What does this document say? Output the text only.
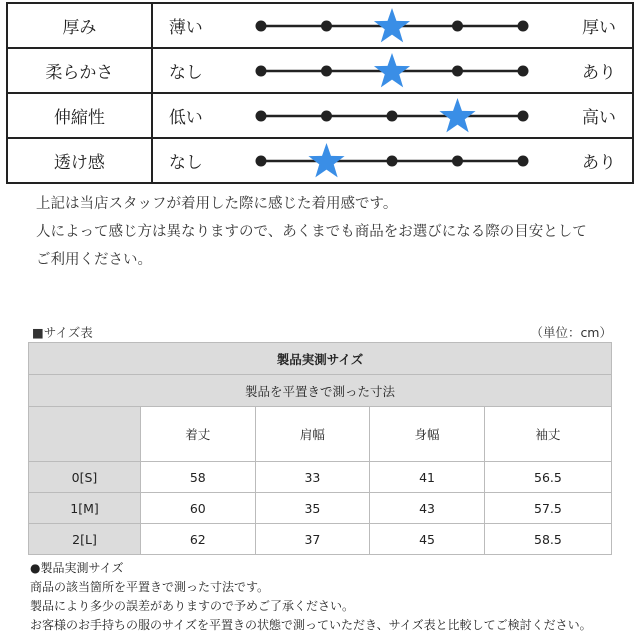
厚み	薄い		厚い
柔らかさ	なし		あり
伸縮性	低い		高い
透け感	なし		あり
上記は当店スタッフが着用した際に感じた着用感です。
人によって感じ方は異なりますので、あくまでも商品をお選びになる際の目安として
ご利用ください。
■サイズ表	（単位：cm）
製品実測サイズ				
製品を平置きで測った寸法				
	着丈	肩幅	身幅	袖丈
0[S]	58	33	41	56.5
1[M]	60	35	43	57.5
2[L]	62	37	45	58.5
●製品実測サイズ
商品の該当箇所を平置きで測った寸法です。
製品により多少の誤差がありますので予めご了承ください。
お客様のお手持ちの服のサイズを平置きの状態で測っていただき、サイズ表と比較してご検討ください。
